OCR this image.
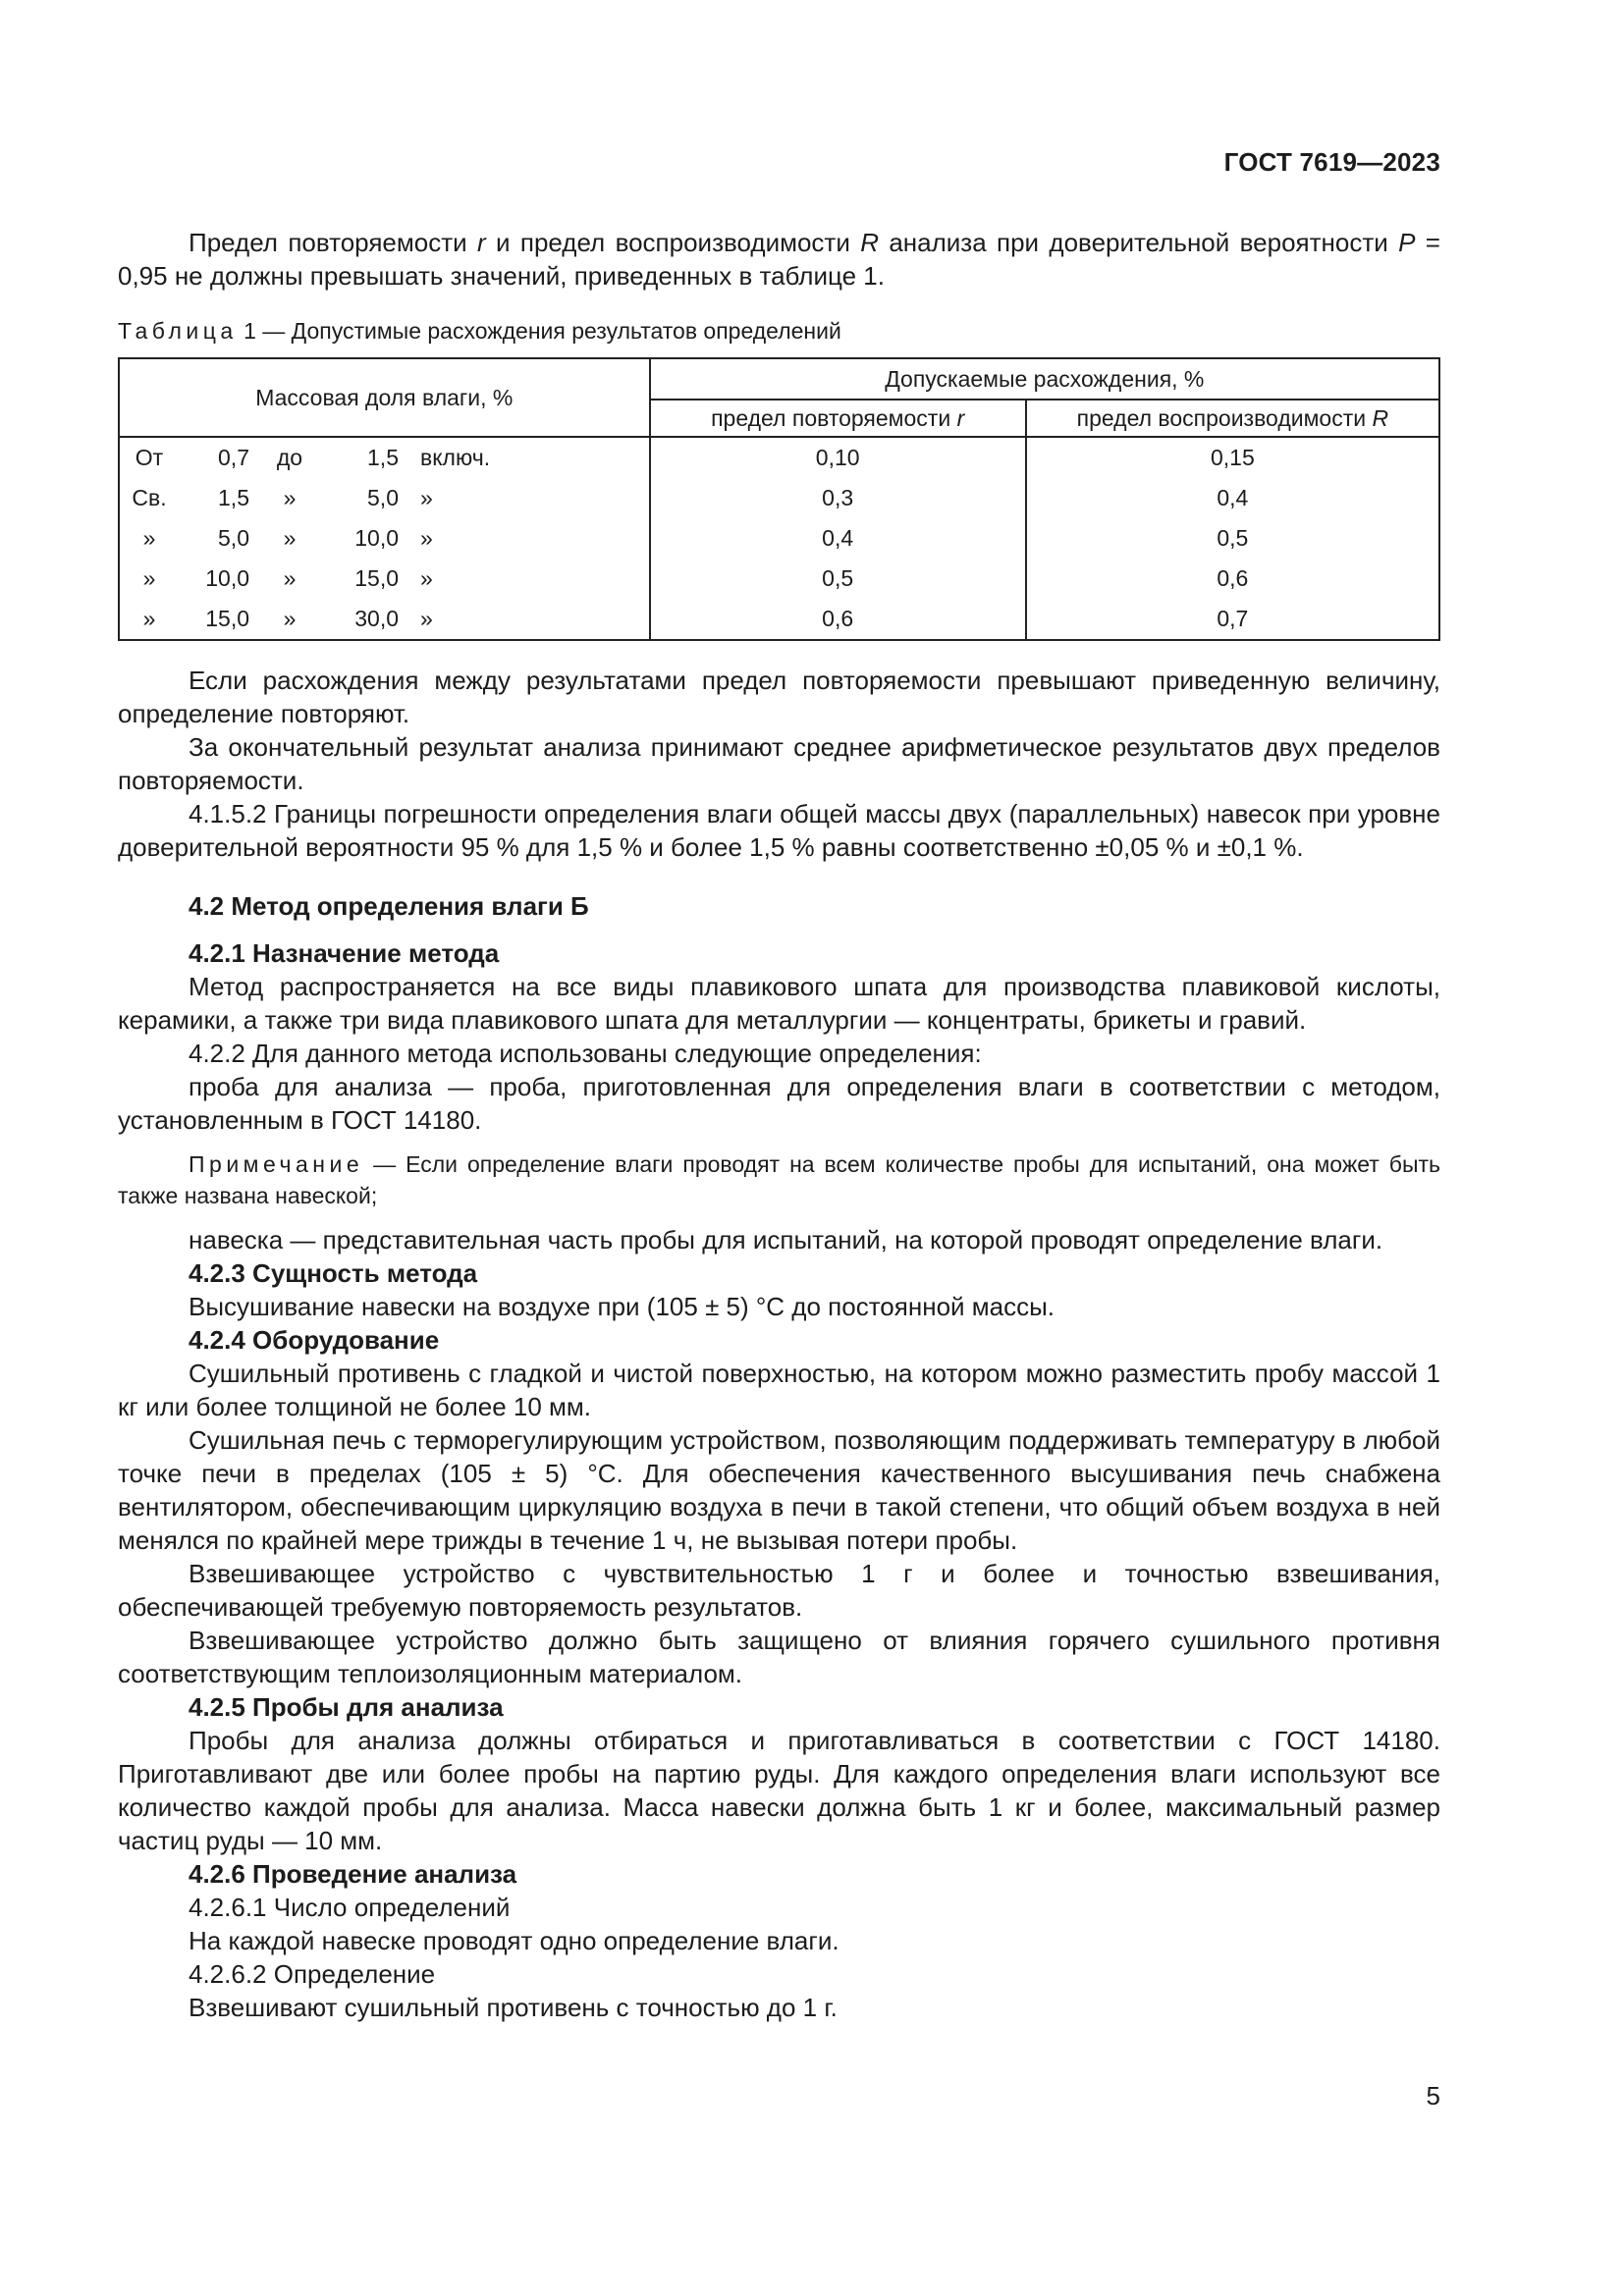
ГОСТ 7619—2023

Предел повторяемости r и предел воспроизводимости R анализа при доверительной вероятности P = 0,95 не должны превышать значений, приведенных в таблице 1.

Таблица 1 — Допустимые расхождения результатов определений
Массовая доля влаги, %	Допускаемые расхождения, %	
	предел повторяемости r	предел воспроизводимости R

От 0,7 до 1,5 включ.	0,10	0,15

Св. 1,5 » 5,0 »	0,3	0,4

» 5,0 » 10,0 »	0,4	0,5

» 10,0 » 15,0 »	0,5	0,6

» 15,0 » 30,0 »	0,6	0,7

Если расхождения между результатами предел повторяемости превышают приведенную величину, определение повторяют.

За окончательный результат анализа принимают среднее арифметическое результатов двух пределов повторяемости.

4.1.5.2 Границы погрешности определения влаги общей массы двух (параллельных) навесок при уровне доверительной вероятности 95 % для 1,5 % и более 1,5 % равны соответственно ±0,05 % и ±0,1 %.

4.2 Метод определения влаги Б

4.2.1 Назначение метода

Метод распространяется на все виды плавикового шпата для производства плавиковой кислоты, керамики, а также три вида плавикового шпата для металлургии — концентраты, брикеты и гравий.

4.2.2 Для данного метода использованы следующие определения:

проба для анализа — проба, приготовленная для определения влаги в соответствии с методом, установленным в ГОСТ 14180.

Примечание — Если определение влаги проводят на всем количестве пробы для испытаний, она может быть также названа навеской;

навеска — представительная часть пробы для испытаний, на которой проводят определение влаги.

4.2.3 Сущность метода

Высушивание навески на воздухе при (105 ± 5) °С до постоянной массы.

4.2.4 Оборудование

Сушильный противень с гладкой и чистой поверхностью, на котором можно разместить пробу массой 1 кг или более толщиной не более 10 мм.

Сушильная печь с терморегулирующим устройством, позволяющим поддерживать температуру в любой точке печи в пределах (105 ± 5) °С. Для обеспечения качественного высушивания печь снабжена вентилятором, обеспечивающим циркуляцию воздуха в печи в такой степени, что общий объем воздуха в ней менялся по крайней мере трижды в течение 1 ч, не вызывая потери пробы.

Взвешивающее устройство с чувствительностью 1 г и более и точностью взвешивания, обеспечивающей требуемую повторяемость результатов.

Взвешивающее устройство должно быть защищено от влияния горячего сушильного противня соответствующим теплоизоляционным материалом.

4.2.5 Пробы для анализа

Пробы для анализа должны отбираться и приготавливаться в соответствии с ГОСТ 14180. Приготавливают две или более пробы на партию руды. Для каждого определения влаги используют все количество каждой пробы для анализа. Масса навески должна быть 1 кг и более, максимальный размер частиц руды — 10 мм.

4.2.6 Проведение анализа

4.2.6.1 Число определений

На каждой навеске проводят одно определение влаги.

4.2.6.2 Определение

Взвешивают сушильный противень с точностью до 1 г.

5
